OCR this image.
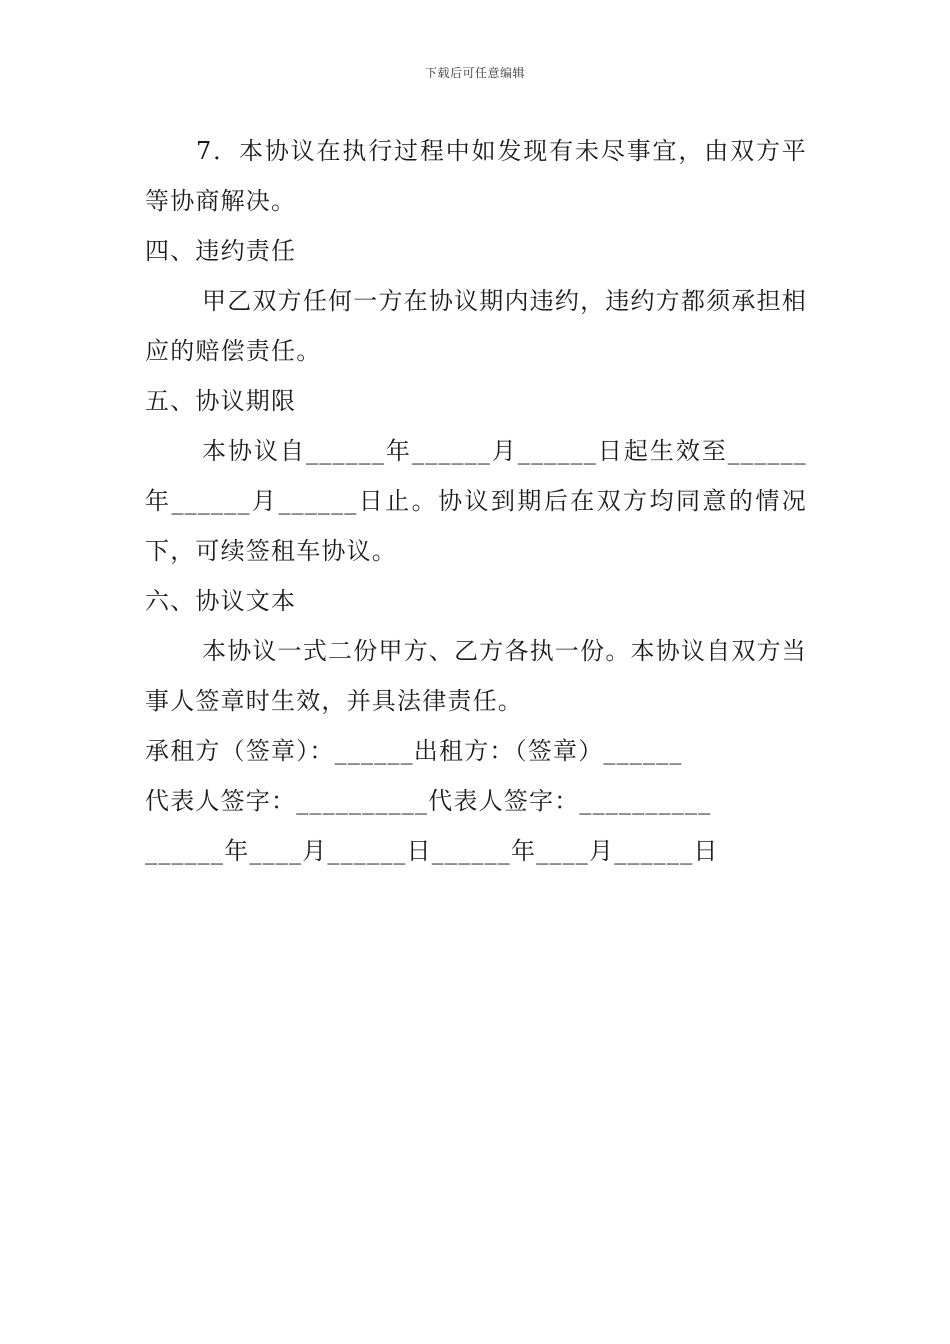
下载后可任意编辑

7．本协议在执行过程中如发现有未尽事宜，由双方平等协商解决。

四、违约责任

甲乙双方任何一方在协议期内违约，违约方都须承担相应的赔偿责任。

五、协议期限

本协议自______年______月______日起生效至______年______月______日止。协议到期后在双方均同意的情况下，可续签租车协议。

六、协议文本

本协议一式二份甲方、乙方各执一份。本协议自双方当事人签章时生效，并具法律责任。

承租方（签章）：______出租方：（签章）______

代表人签字：__________代表人签字：__________

______年____月______日______年____月______日
